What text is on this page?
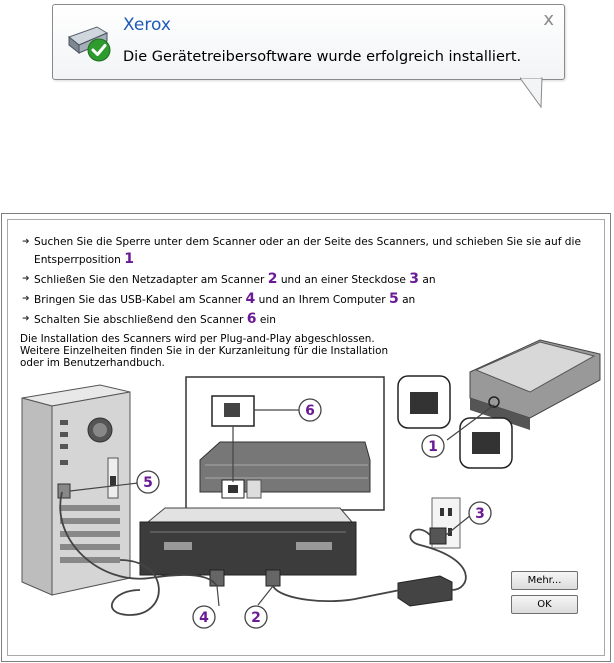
Xerox
Die Gerätetreibersoftware wurde erfolgreich installiert.
x
➜ Suchen Sie die Sperre unter dem Scanner oder an der Seite des Scanners, und schieben Sie sie auf die Entsperrposition 1
➜ Schließen Sie den Netzadapter am Scanner 2 und an einer Steckdose 3 an
➜ Bringen Sie das USB-Kabel am Scanner 4 und an Ihrem Computer 5 an
➜ Schalten Sie abschließend den Scanner 6 ein
Die Installation des Scanners wird per Plug-and-Play abgeschlossen.
Weitere Einzelheiten finden Sie in der Kurzanleitung für die Installation
oder im Benutzerhandbuch.
1
2
3
4
5
6
Mehr...
OK
